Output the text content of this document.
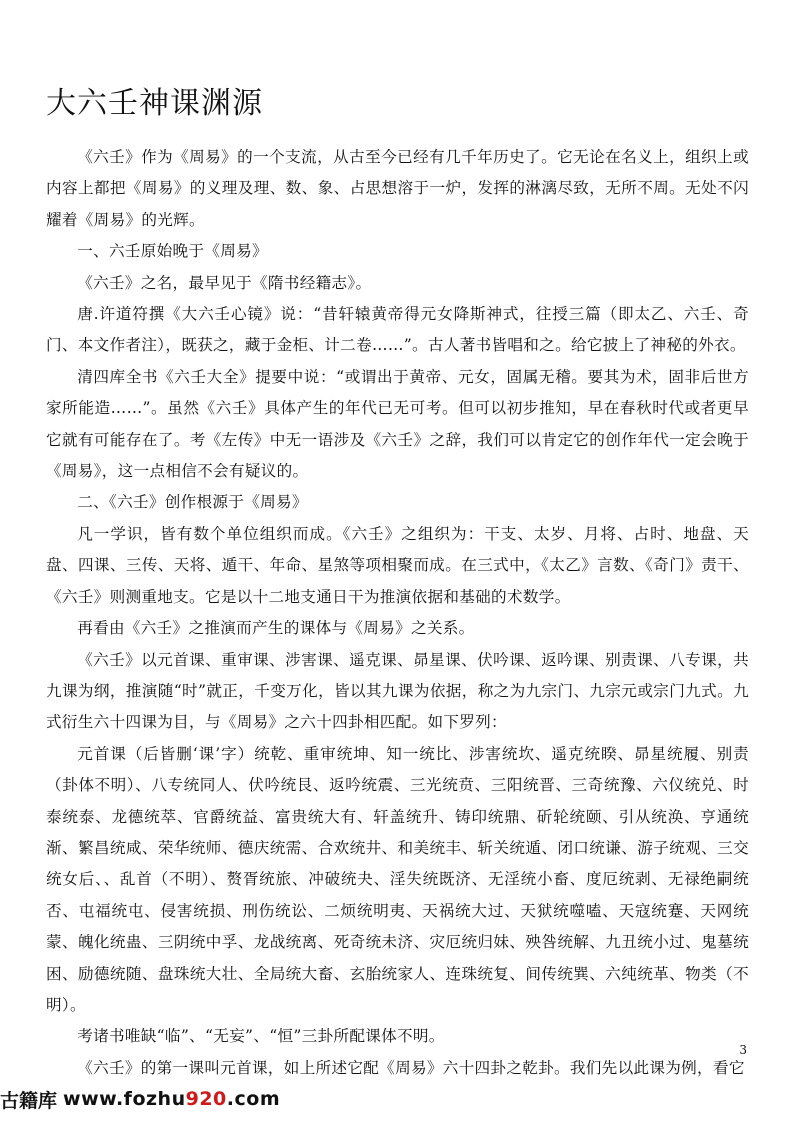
大六壬神课渊源

《六壬》作为《周易》的一个支流，从古至今已经有几千年历史了。它无论在名义上，组织上或内容上都把《周易》的义理及理、数、象、占思想溶于一炉，发挥的淋漓尽致，无所不周。无处不闪耀着《周易》的光辉。

一、六壬原始晚于《周易》

《六壬》之名，最早见于《隋书经籍志》。

唐.许道符撰《大六壬心镜》说：“昔轩辕黄帝得元女降斯神式，往授三篇（即太乙、六壬、奇门、本文作者注），既获之，藏于金柜、计二卷……”。古人著书皆唱和之。给它披上了神秘的外衣。

清四库全书《六壬大全》提要中说：“或谓出于黄帝、元女，固属无稽。要其为术，固非后世方家所能造……”。虽然《六壬》具体产生的年代已无可考。但可以初步推知，早在春秋时代或者更早它就有可能存在了。考《左传》中无一语涉及《六壬》之辞，我们可以肯定它的创作年代一定会晚于《周易》，这一点相信不会有疑议的。

二、《六壬》创作根源于《周易》

凡一学识，皆有数个单位组织而成。《六壬》之组织为：干支、太岁、月将、占时、地盘、天盘、四课、三传、天将、遁干、年命、星煞等项相聚而成。在三式中，《太乙》言数、《奇门》责干、《六壬》则测重地支。它是以十二地支通日干为推演依据和基础的术数学。

再看由《六壬》之推演而产生的课体与《周易》之关系。

《六壬》以元首课、重审课、涉害课、遥克课、昴星课、伏吟课、返吟课、别责课、八专课，共九课为纲，推演随“时”就正，千变万化，皆以其九课为依据，称之为九宗门、九宗元或宗门九式。九式衍生六十四课为目，与《周易》之六十四卦相匹配。如下罗列：

元首课（后皆删‘课’字）统乾、重审统坤、知一统比、涉害统坎、遥克统睽、昴星统履、别责（卦体不明）、八专统同人、伏吟统艮、返吟统震、三光统贲、三阳统晋、三奇统豫、六仪统兑、时泰统泰、龙德统萃、官爵统益、富贵统大有、轩盖统升、铸印统鼎、斫轮统颐、引从统涣、亨通统渐、繁昌统咸、荣华统师、德庆统需、合欢统井、和美统丰、斩关统遁、闭口统谦、游子统观、三交统女后、、乱首（不明）、赘胥统旅、冲破统夬、淫失统既济、无淫统小畜、度厄统剥、无禄绝嗣统否、屯福统屯、侵害统损、刑伤统讼、二烦统明夷、天祸统大过、天狱统噬嗑、天寇统蹇、天网统蒙、魄化统蛊、三阴统中孚、龙战统离、死奇统未济、灾厄统归妹、殃咎统解、九丑统小过、鬼墓统困、励德统随、盘珠统大壮、全局统大畜、玄胎统家人、连珠统复、间传统巽、六纯统革、物类（不明）。

考诸书唯缺“临”、“无妄”、“恒”三卦所配课体不明。

《六壬》的第一课叫元首课，如上所述它配《周易》六十四卦之乾卦。我们先以此课为例，看它

3
古籍库 www.fozhu920.com
